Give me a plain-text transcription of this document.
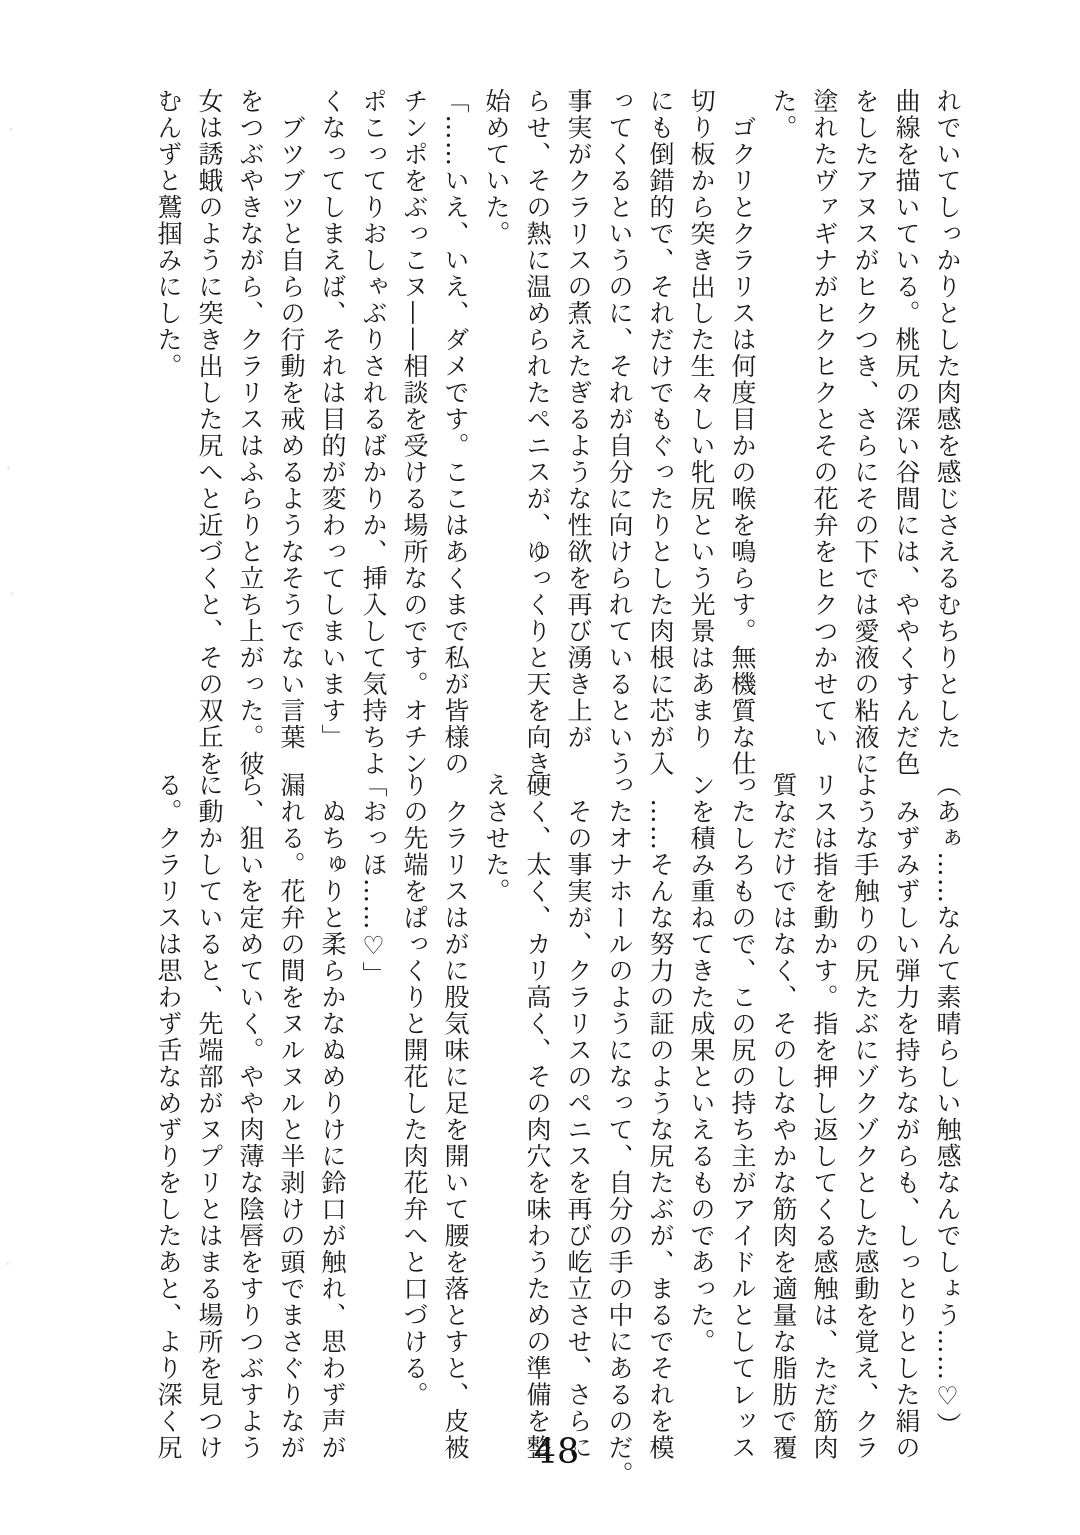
れでいてしっかりとした肉感を感じさえるむちりとした
曲線を描いている。桃尻の深い谷間には、ややくすんだ色
をしたアヌスがヒクつき、さらにその下では愛液の粘液に
塗れたヴァギナがヒクヒクとその花弁をヒクつかせてい
た。
　ゴクリとクラリスは何度目かの喉を鳴らす。無機質な仕
切り板から突き出した生々しい牝尻という光景はあまり
にも倒錯的で、それだけでもぐったりとした肉根に芯が入
ってくるというのに、それが自分に向けられているという
事実がクラリスの煮えたぎるような性欲を再び湧き上が
らせ、その熱に温められたペニスが、ゆっくりと天を向き
始めていた。
「……いえ、いえ、ダメです。ここはあくまで私が皆様の
チンポをぶっこヌ——相談を受ける場所なのです。オチン
ポこってりおしゃぶりされるばかりか、挿入して気持ちよ
くなってしまえば、それは目的が変わってしまいます」
　ブツブツと自らの行動を戒めるようなそうでない言葉
をつぶやきながら、クラリスはふらりと立ち上がった。彼
女は誘蛾のように突き出した尻へと近づくと、その双丘を
むんずと鷲掴みにした。
（あぁ……なんて素晴らしい触感なんでしょう……♡）
　みずみずしい弾力を持ちながらも、しっとりとした絹の
ような手触りの尻たぶにゾクゾクとした感動を覚え、クラ
リスは指を動かす。指を押し返してくる感触は、ただ筋肉
質なだけではなく、そのしなやかな筋肉を適量な脂肪で覆
ったしろもので、この尻の持ち主がアイドルとしてレッス
ンを積み重ねてきた成果といえるものであった。
　……そんな努力の証のような尻たぶが、まるでそれを模
ったオナホールのようになって、自分の手の中にあるのだ。
　その事実が、クラリスのペニスを再び屹立させ、さらに
硬く、太く、カリ高く、その肉穴を味わうための準備を整
えさせた。
　クラリスはがに股気味に足を開いて腰を落とすと、皮被
りの先端をぱっくりと開花した肉花弁へと口づける。
「おっほ……♡」
　ぬちゅりと柔らかなぬめりけに鈴口が触れ、思わず声が
漏れる。花弁の間をヌルヌルと半剥けの頭でまさぐりなが
ら、狙いを定めていく。やや肉薄な陰唇をすりつぶすよう
に動かしていると、先端部がヌプリとはまる場所を見つけ
る。クラリスは思わず舌なめずりをしたあと、より深く尻	48
